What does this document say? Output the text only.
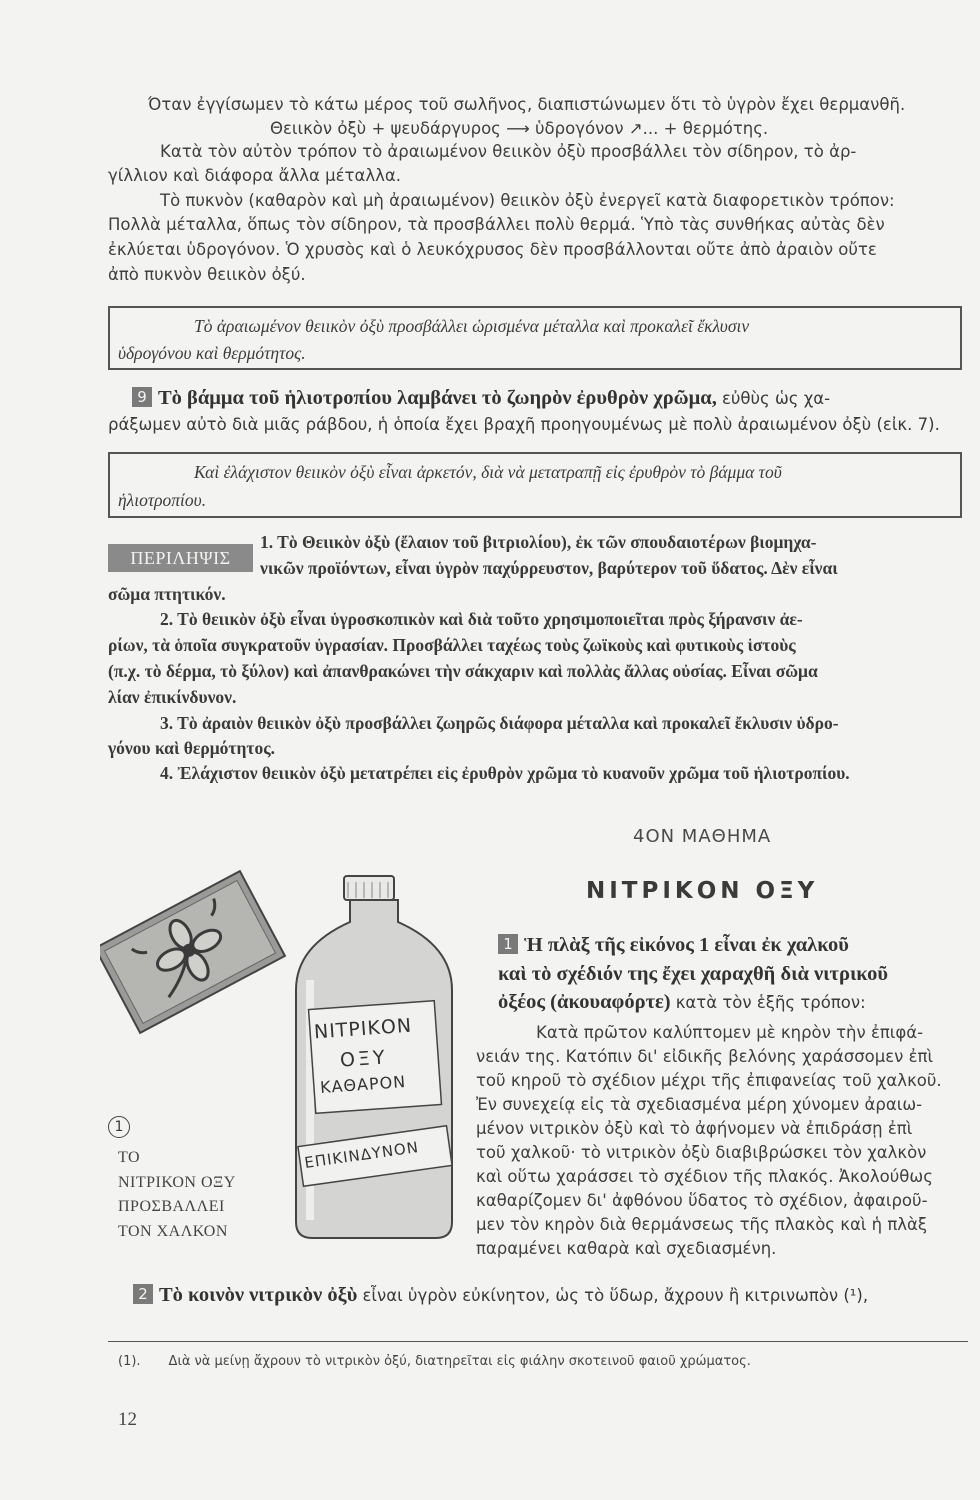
Όταν ἐγγίσωμεν τὸ κάτω μέρος τοῦ σωλῆνος, διαπιστώνωμεν ὅτι τὸ ὑγρὸν ἔχει θερμανθῆ.
Θειικὸν ὀξὺ + ψευδάργυρος ⟶ ὑδρογόνον ↗... + θερμότης.
Κατὰ τὸν αὐτὸν τρόπον τὸ ἀραιωμένον θειικὸν ὀξὺ προσβάλλει τὸν σίδηρον, τὸ ἀρ-
γίλλιον καὶ διάφορα ἄλλα μέταλλα.
Τὸ πυκνὸν (καθαρὸν καὶ μὴ ἀραιωμένον) θειικὸν ὀξὺ ἐνεργεῖ κατὰ διαφορετικὸν τρόπον:
Πολλὰ μέταλλα, ὅπως τὸν σίδηρον, τὰ προσβάλλει πολὺ θερμά. Ὑπὸ τὰς συνθήκας αὐτὰς δὲν
ἐκλύεται ὑδρογόνον. Ὁ χρυσὸς καὶ ὁ λευκόχρυσος δὲν προσβάλλονται οὔτε ἀπὸ ἀραιὸν οὔτε
ἀπὸ πυκνὸν θειικὸν ὀξύ.
Τὸ ἀραιωμένον θειικὸν ὀξὺ προσβάλλει ὡρισμένα μέταλλα καὶ προκαλεῖ ἔκλυσιν
ὑδρογόνου καὶ θερμότητος.
9 Τὸ βάμμα τοῦ ἡλιοτροπίου λαμβάνει τὸ ζωηρὸν ἐρυθρὸν χρῶμα, εὐθὺς ὡς χα-
ράξωμεν αὐτὸ διὰ μιᾶς ράβδου, ἡ ὁποία ἔχει βραχῆ προηγουμένως μὲ πολὺ ἀραιωμένον ὀξὺ (εἰκ. 7).
Καὶ ἐλάχιστον θειικὸν ὀξὺ εἶναι ἀρκετόν, διὰ νὰ μετατραπῇ εἰς ἐρυθρὸν τὸ βάμμα τοῦ
ἡλιοτροπίου.
ΠΕΡΙΛΗΨΙΣ
1. Τὸ Θειικὸν ὀξὺ (ἔλαιον τοῦ βιτριολίου), ἐκ τῶν σπουδαιοτέρων βιομηχα-
νικῶν προϊόντων, εἶναι ὑγρὸν παχύρρευστον, βαρύτερον τοῦ ὕδατος. Δὲν εἶναι
σῶμα πτητικόν.
2. Τὸ θειικὸν ὀξὺ εἶναι ὑγροσκοπικὸν καὶ διὰ τοῦτο χρησιμοποιεῖται πρὸς ξήρανσιν ἀε-
ρίων, τὰ ὁποῖα συγκρατοῦν ὑγρασίαν. Προσβάλλει ταχέως τοὺς ζωϊκοὺς καὶ φυτικοὺς ἱστοὺς
(π.χ. τὸ δέρμα, τὸ ξύλον) καὶ ἀπανθρακώνει τὴν σάκχαριν καὶ πολλὰς ἄλλας οὐσίας. Εἶναι σῶμα
λίαν ἐπικίνδυνον.
3. Τὸ ἀραιὸν θειικὸν ὀξὺ προσβάλλει ζωηρῶς διάφορα μέταλλα καὶ προκαλεῖ ἔκλυσιν ὑδρο-
γόνου καὶ θερμότητος.
4. Ἐλάχιστον θειικὸν ὀξὺ μετατρέπει εἰς ἐρυθρὸν χρῶμα τὸ κυανοῦν χρῶμα τοῦ ἡλιοτροπίου.
4ΟΝ ΜΑΘΗΜΑ
ΝΙΤΡΙΚΟΝ ΟΞΥ
1 Ἡ πλὰξ τῆς εἰκόνος 1 εἶναι ἐκ χαλκοῦ
καὶ τὸ σχέδιόν της ἔχει χαραχθῆ διὰ νιτρικοῦ
ὀξέος (ἀκουαφόρτε) κατὰ τὸν ἑξῆς τρόπον:
Κατὰ πρῶτον καλύπτομεν μὲ κηρὸν τὴν ἐπιφά-
νειάν της. Κατόπιν δι' εἰδικῆς βελόνης χαράσσομεν ἐπὶ
τοῦ κηροῦ τὸ σχέδιον μέχρι τῆς ἐπιφανείας τοῦ χαλκοῦ.
Ἐν συνεχείᾳ εἰς τὰ σχεδιασμένα μέρη χύνομεν ἀραιω-
μένον νιτρικὸν ὀξὺ καὶ τὸ ἀφήνομεν νὰ ἐπιδράσῃ ἐπὶ
τοῦ χαλκοῦ· τὸ νιτρικὸν ὀξὺ διαβιβρώσκει τὸν χαλκὸν
καὶ οὕτω χαράσσει τὸ σχέδιον τῆς πλακός. Ἀκολούθως
καθαρίζομεν δι' ἀφθόνου ὕδατος τὸ σχέδιον, ἀφαιροῦ-
μεν τὸν κηρὸν διὰ θερμάνσεως τῆς πλακὸς καὶ ἡ πλὰξ
παραμένει καθαρὰ καὶ σχεδιασμένη.
ΝΙΤΡΙΚΟΝ
ΟΞΥ
ΚΑΘΑΡΟΝ
ΕΠΙΚΙΝΔΥΝΟΝ
1
ΤΟ
ΝΙΤΡΙΚΟΝ ΟΞΥ
ΠΡΟΣΒΑΛΛΕΙ
ΤΟΝ ΧΑΛΚΟΝ
2 Τὸ κοινὸν νιτρικὸν ὀξὺ εἶναι ὑγρὸν εὐκίνητον, ὡς τὸ ὕδωρ, ἄχρουν ἢ κιτρινωπὸν (¹),
(1). Διὰ νὰ μείνῃ ἄχρουν τὸ νιτρικὸν ὀξύ, διατηρεῖται εἰς φιάλην σκοτεινοῦ φαιοῦ χρώματος.
12
